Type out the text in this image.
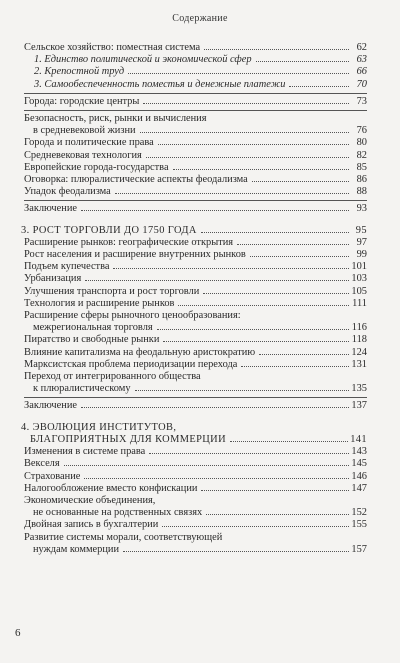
Содержание
Сельское хозяйство: поместная система	62
1. Единство политической и экономической сфер	63
2. Крепостной труд	66
3. Самообеспеченность поместья и денежные платежи	70
Города: городские центры	73
Безопасность, риск, рынки и вычисления
в средневековой жизни	76
Города и политические права	80
Средневековая технология	82
Европейские города-государства	85
Оговорка: плюралистические аспекты феодализма	86
Упадок феодализма	88
Заключение	93
3. РОСТ ТОРГОВЛИ ДО 1750 ГОДА	95
Расширение рынков: географические открытия	97
Рост населения и расширение внутренних рынков	99
Подъем купечества	101
Урбанизация	103
Улучшения транспорта и рост торговли	105
Технология и расширение рынков	111
Расширение сферы рыночного ценообразования:
межрегиональная торговля	116
Пиратство и свободные рынки	118
Влияние капитализма на феодальную аристократию	124
Марксистская проблема периодизации перехода	131
Переход от интегрированного общества
к плюралистическому	135
Заключение	137
4. ЭВОЛЮЦИЯ ИНСТИТУТОВ,
БЛАГОПРИЯТНЫХ ДЛЯ КОММЕРЦИИ	141
Изменения в системе права	143
Векселя	145
Страхование	146
Налогообложение вместо конфискации	147
Экономические объединения,
не основанные на родственных связях	152
Двойная запись в бухгалтерии	155
Развитие системы морали, соответствующей
нуждам коммерции	157
6
